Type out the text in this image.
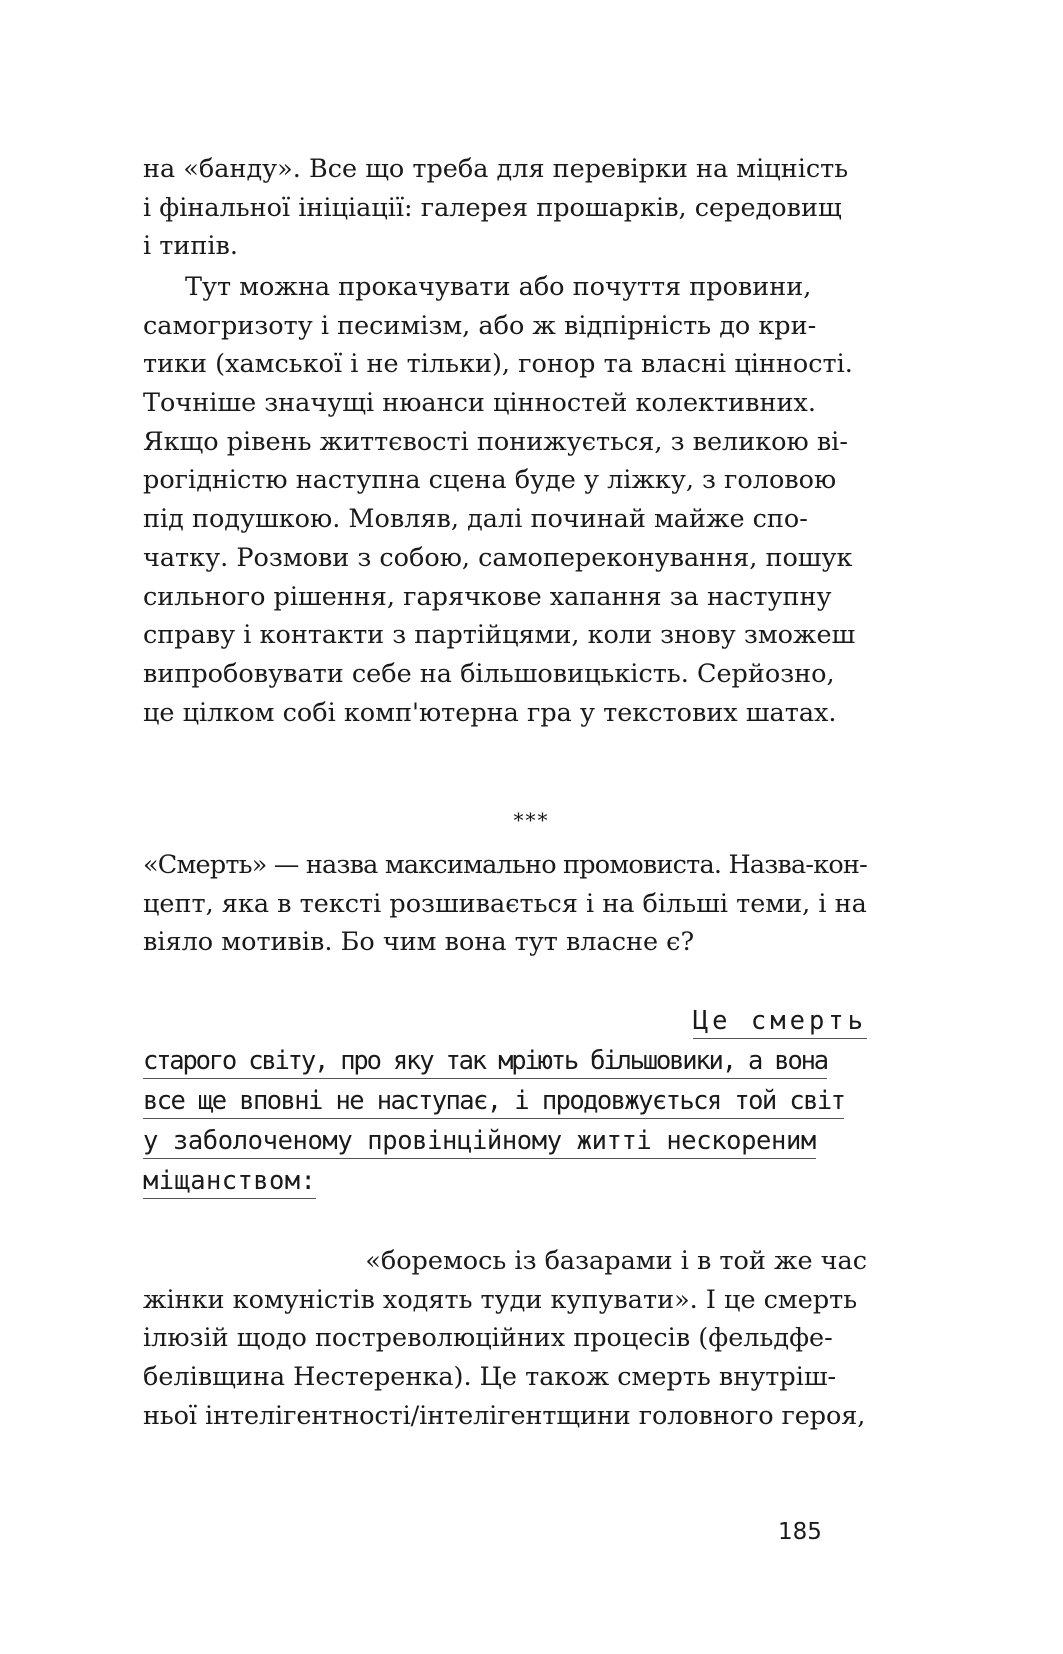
на «банду». Все що треба для перевірки на міцність
і фінальної ініціації: галерея прошарків, середовищ
і типів.
Тут можна прокачувати або почуття провини,
самогризоту і песимізм, або ж відпірність до кри-
тики (хамської і не тільки), гонор та власні цінності.
Точніше значущі нюанси цінностей колективних.
Якщо рівень життєвості понижується, з великою ві-
рогідністю наступна сцена буде у ліжку, з головою
під подушкою. Мовляв, далі починай майже спо-
чатку. Розмови з собою, самопереконування, пошук
сильного рішення, гарячкове хапання за наступну
справу і контакти з партійцями, коли знову зможеш
випробовувати себе на більшовицькість. Серйозно,
це цілком собі комп'ютерна гра у текстових шатах.
***
«Смерть» — назва максимально промовиста. Назва-кон-
цепт, яка в тексті розшивається і на більші теми, і на
віяло мотивів. Бо чим вона тут власне є?
Це смерть
старого світу, про яку так мріють більшовики, а вона
все ще вповні не наступає, і продовжується той світ
у заболоченому провінційному житті нескореним
міщанством:
«боремось із базарами і в той же час
жінки комуністів ходять туди купувати». І це смерть
ілюзій щодо постреволюційних процесів (фельдфе-
белівщина Нестеренка). Це також смерть внутріш-
ньої інтелігентності/інтелігентщини головного героя,
185
